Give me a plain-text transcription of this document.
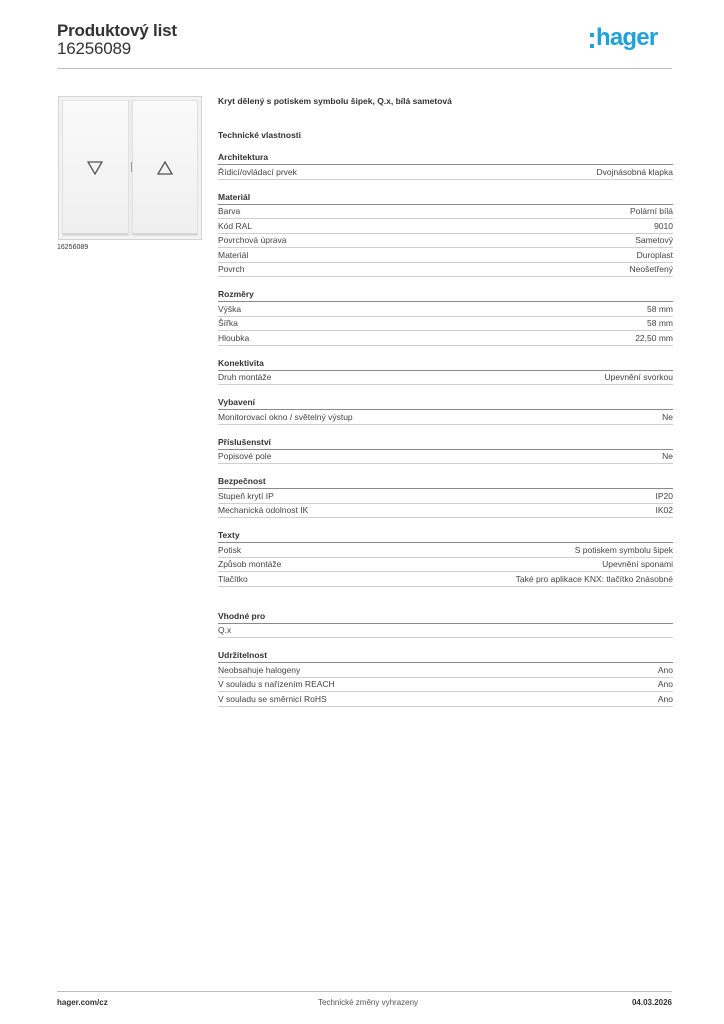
Produktový list
16256089	hager
16256089
Kryt dělený s potiskem symbolu šipek, Q.x, bílá sametová
Technické vlastnosti
Architektura
Řídicí/ovládací prvek	Dvojnásobná klapka
Materiál
Barva	Polární bílá
Kód RAL	9010
Povrchová úprava	Sametový
Materiál	Duroplast
Povrch	Neošetřený
Rozměry
Výška	58 mm
Šířka	58 mm
Hloubka	22,50 mm
Konektivita
Druh montáže	Upevnění svorkou
Vybavení
Monitorovací okno / světelný výstup	Ne
Příslušenství
Popisové pole	Ne
Bezpečnost
Stupeň krytí IP	IP20
Mechanická odolnost IK	IK02
Texty
Potisk	S potiskem symbolu šipek
Způsob montáže	Upevnění sponami
Tlačítko	Také pro aplikace KNX: tlačítko 2násobné
Vhodné pro
Q.x
Udržitelnost
Neobsahuje halogeny	Ano
V souladu s nařízením REACH	Ano
V souladu se směrnicí RoHS	Ano
hager.com/cz	Technické změny vyhrazeny	04.03.2026
